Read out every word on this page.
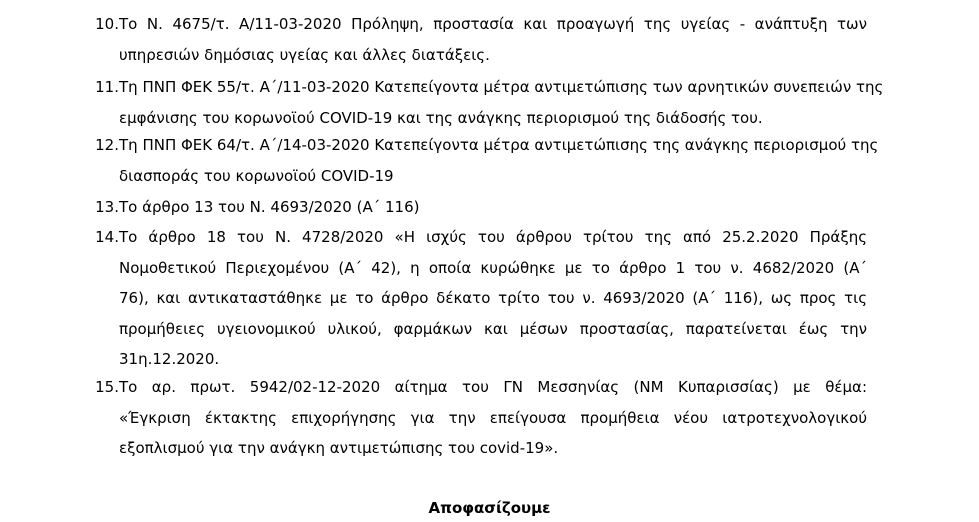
10. Το Ν. 4675/τ. Α/11-03-2020 Πρόληψη, προστασία και προαγωγή της υγείας - ανάπτυξη των
υπηρεσιών δημόσιας υγείας και άλλες διατάξεις.
11. Τη ΠΝΠ ΦΕΚ 55/τ. Α΄/11-03-2020 Κατεπείγοντα μέτρα αντιμετώπισης των αρνητικών συνεπειών της
εμφάνισης του κορωνοϊού COVID-19 και της ανάγκης περιορισμού της διάδοσής του.
12. Τη ΠΝΠ ΦΕΚ 64/τ. Α΄/14-03-2020 Κατεπείγοντα μέτρα αντιμετώπισης της ανάγκης περιορισμού της
διασποράς του κορωνοϊού COVID-19
13. Το άρθρο 13 του Ν. 4693/2020 (Α΄ 116)
14. Το άρθρο 18 του Ν. 4728/2020 «Η ισχύς του άρθρου τρίτου της από 25.2.2020 Πράξης
Νομοθετικού Περιεχομένου (Α΄ 42), η οποία κυρώθηκε με το άρθρο 1 του ν. 4682/2020 (Α΄
76), και αντικαταστάθηκε με το άρθρο δέκατο τρίτο του ν. 4693/2020 (Α΄ 116), ως προς τις
προμήθειες υγειονομικού υλικού, φαρμάκων και μέσων προστασίας, παρατείνεται έως την
31η.12.2020.
15. Το αρ. πρωτ. 5942/02-12-2020 αίτημα του ΓΝ Μεσσηνίας (ΝΜ Κυπαρισσίας) με θέμα:
«Έγκριση έκτακτης επιχορήγησης για την επείγουσα προμήθεια νέου ιατροτεχνολογικού
εξοπλισμού για την ανάγκη αντιμετώπισης του covid-19».
Αποφασίζουμε
